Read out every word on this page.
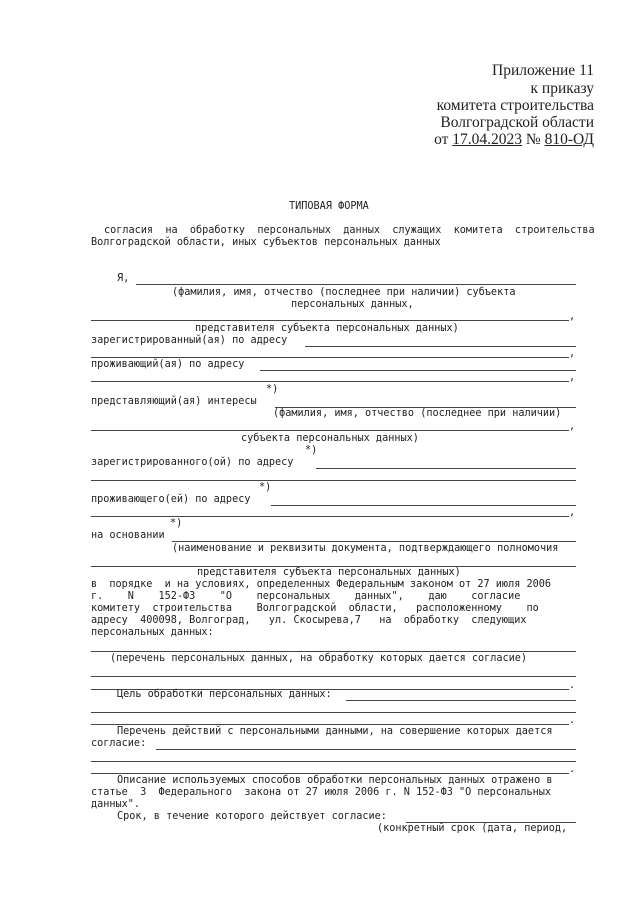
Приложение 11
к приказу
комитета строительства
Волгоградской области
от 17.04.2023 № 810-ОД
ТИПОВАЯ ФОРМА
согласия  на  обработку  персональных  данных  служащих  комитета  строительства
Волгоградской области, иных субъектов персональных данных
Я,
(фамилия, имя, отчество (последнее при наличии) субъекта
персональных данных,
,
представителя субъекта персональных данных)
зарегистрированный(ая) по адресу
,
проживающий(ая) по адресу
,
*)
представляющий(ая) интересы
(фамилия, имя, отчество (последнее при наличии)
,
субъекта персональных данных)
*)
зарегистрированного(ой) по адресу
*)
проживающего(ей) по адресу
,
*)
на основании
(наименование и реквизиты документа, подтверждающего полномочия
представителя субъекта персональных данных)
в  порядке  и на условиях, определенных Федеральным законом от 27 июля 2006
г.    N    152-ФЗ    "О    персональных    данных",    даю    согласие
комитету  строительства    Волгоградской  области,   расположенному    по
адресу  400098, Волгоград,   ул. Скосырева,7   на  обработку  следующих
персональных данных:
(перечень персональных данных, на обработку которых дается согласие)
.
Цель обработки персональных данных:
.
Перечень действий с персональными данными, на совершение которых дается
согласие:
.
Описание используемых способов обработки персональных данных отражено в
статье  3  Федерального  закона от 27 июля 2006 г. N 152-ФЗ "О персональных
данных".
Срок, в течение которого действует согласие:
(конкретный срок (дата, период,
